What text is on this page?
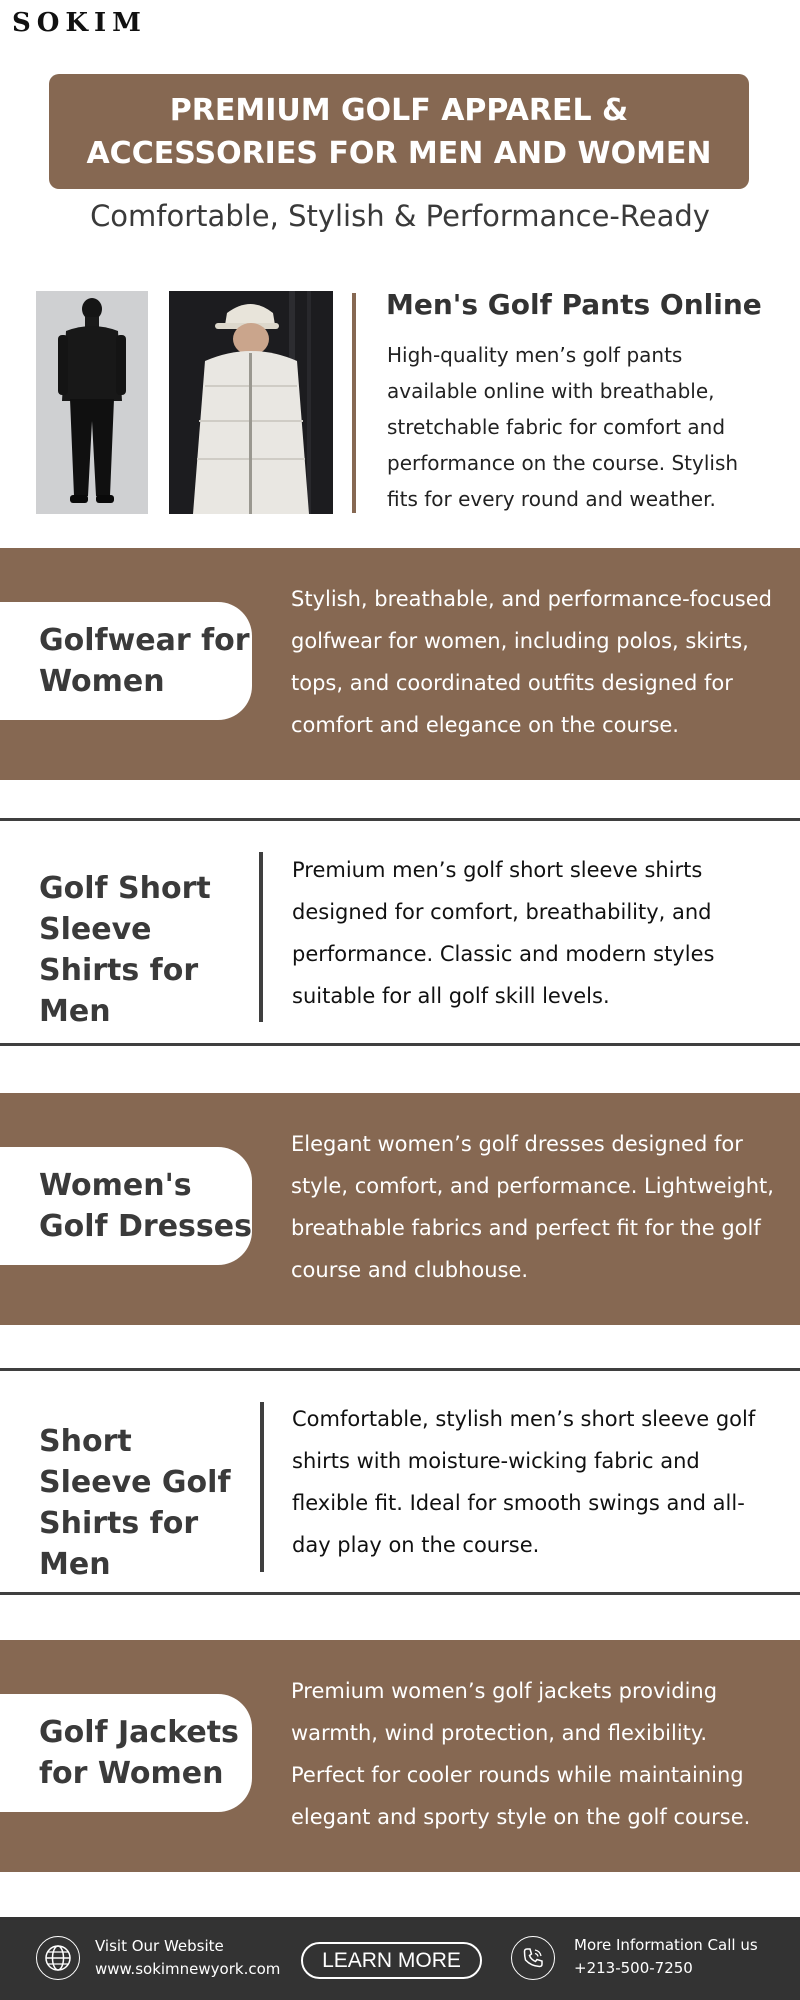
SOKIM
PREMIUM GOLF APPAREL & ACCESSORIES FOR MEN AND WOMEN
Comfortable, Stylish & Performance-Ready
Men's Golf Pants Online
High-quality men’s golf pants available online with breathable, stretchable fabric for comfort and performance on the course. Stylish fits for every round and weather.
Golfwear for Women
Stylish, breathable, and performance-focused golfwear for women, including polos, skirts, tops, and coordinated outfits designed for comfort and elegance on the course.
Golf Short Sleeve Shirts for Men
Premium men’s golf short sleeve shirts designed for comfort, breathability, and performance. Classic and modern styles suitable for all golf skill levels.
Women's Golf Dresses
Elegant women’s golf dresses designed for style, comfort, and performance. Lightweight, breathable fabrics and perfect fit for the golf course and clubhouse.
Short Sleeve Golf Shirts for Men
Comfortable, stylish men’s short sleeve golf shirts with moisture-wicking fabric and flexible fit. Ideal for smooth swings and all-day play on the course.
Golf Jackets for Women
Premium women’s golf jackets providing warmth, wind protection, and flexibility. Perfect for cooler rounds while maintaining elegant and sporty style on the golf course.
Visit Our Website
www.sokimnewyork.com	LEARN MORE
More Information Call us
+213-500-7250
